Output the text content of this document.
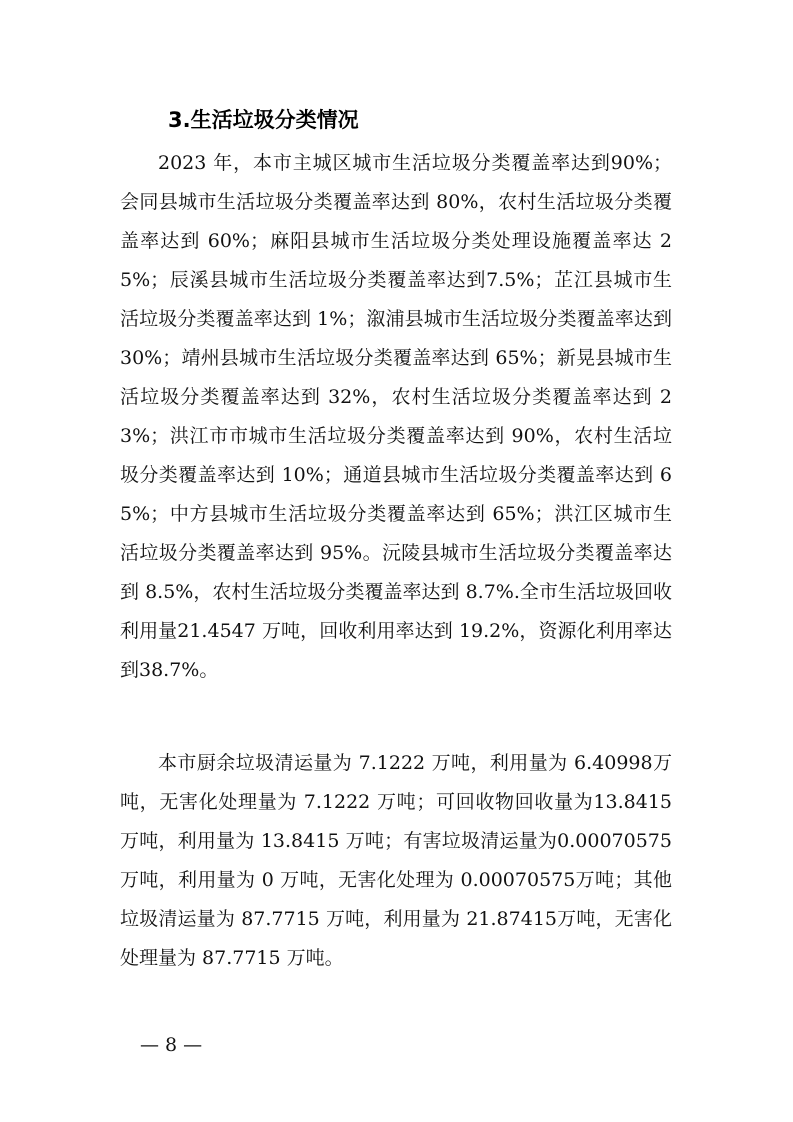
3.生活垃圾分类情况

2023 年，本市主城区城市生活垃圾分类覆盖率达到90%；会同县城市生活垃圾分类覆盖率达到 80%，农村生活垃圾分类覆盖率达到 60%；麻阳县城市生活垃圾分类处理设施覆盖率达 25%；辰溪县城市生活垃圾分类覆盖率达到7.5%；芷江县城市生活垃圾分类覆盖率达到 1%；溆浦县城市生活垃圾分类覆盖率达到 30%；靖州县城市生活垃圾分类覆盖率达到 65%；新晃县城市生活垃圾分类覆盖率达到 32%，农村生活垃圾分类覆盖率达到 23%；洪江市市城市生活垃圾分类覆盖率达到 90%，农村生活垃圾分类覆盖率达到 10%；通道县城市生活垃圾分类覆盖率达到 65%；中方县城市生活垃圾分类覆盖率达到 65%；洪江区城市生活垃圾分类覆盖率达到 95%。沅陵县城市生活垃圾分类覆盖率达到 8.5%，农村生活垃圾分类覆盖率达到 8.7%.全市生活垃圾回收利用量21.4547 万吨，回收利用率达到 19.2%，资源化利用率达到38.7%。

本市厨余垃圾清运量为 7.1222 万吨，利用量为 6.40998万吨，无害化处理量为 7.1222 万吨；可回收物回收量为13.8415 万吨，利用量为 13.8415 万吨；有害垃圾清运量为0.00070575 万吨，利用量为 0 万吨，无害化处理为 0.00070575万吨；其他垃圾清运量为 87.7715 万吨，利用量为 21.87415万吨，无害化处理量为 87.7715 万吨。

— 8 —
